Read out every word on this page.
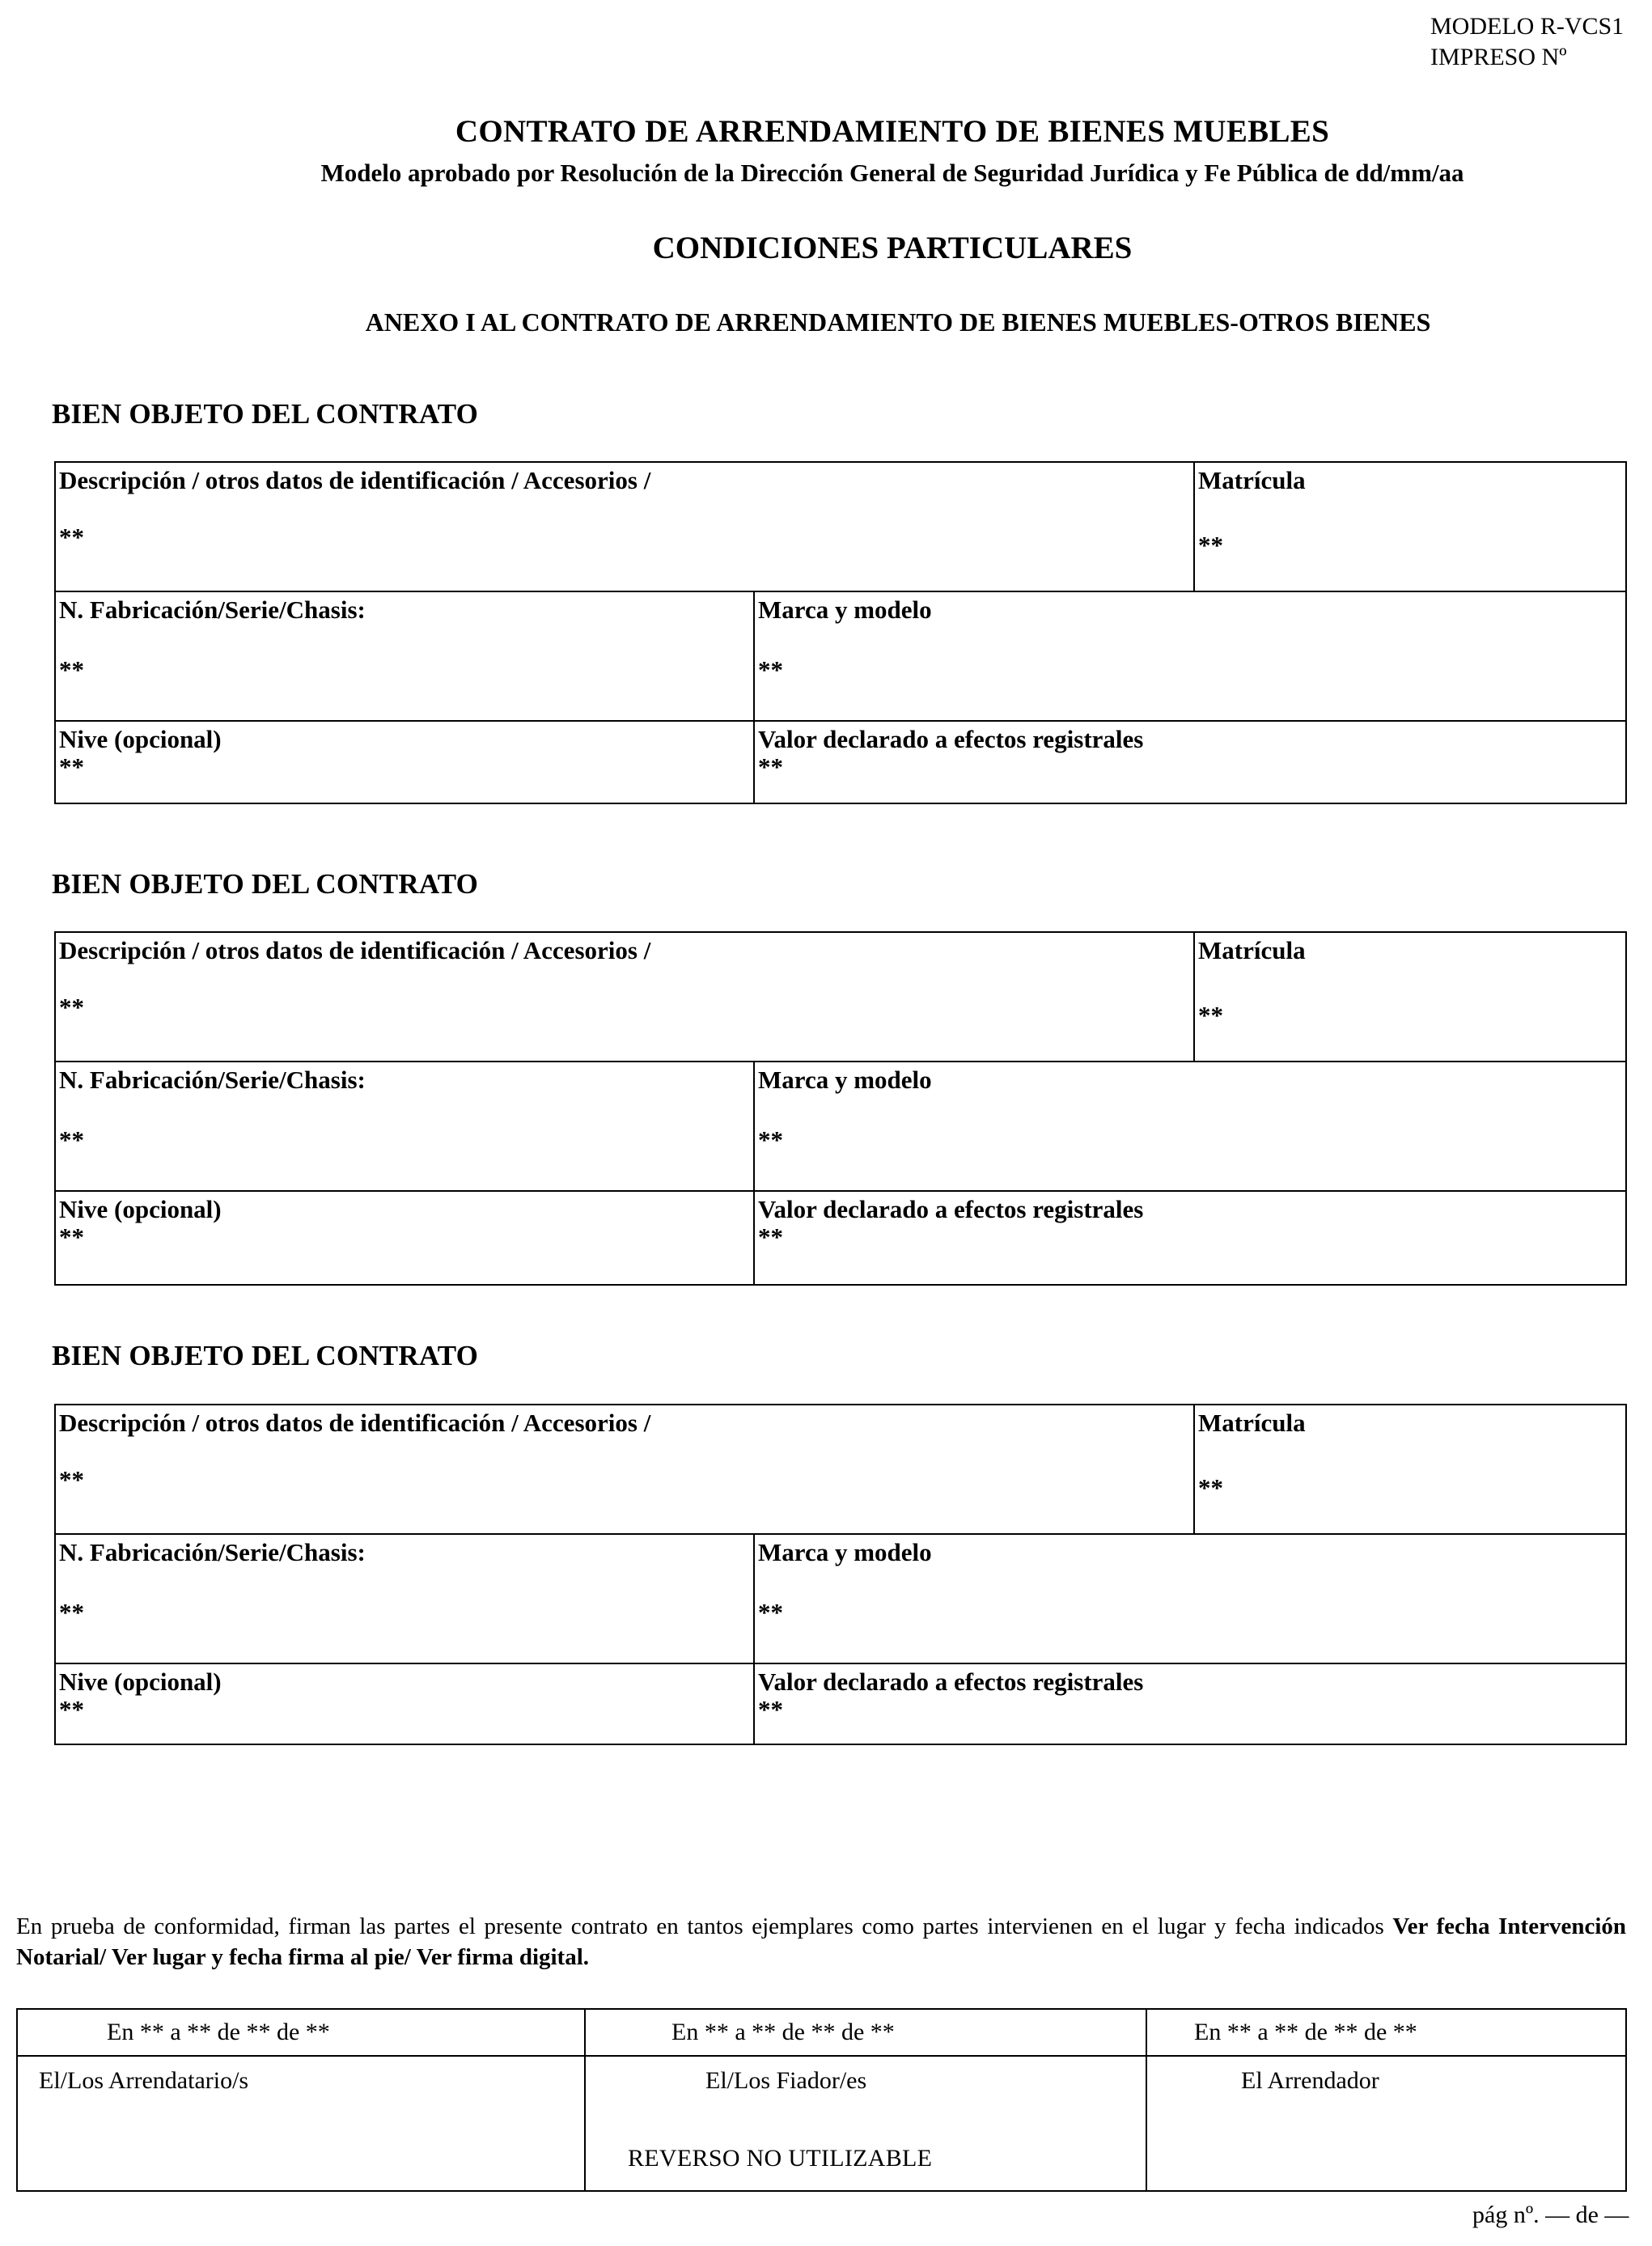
MODELO R-VCS1
IMPRESO Nº
CONTRATO DE ARRENDAMIENTO DE BIENES MUEBLES
Modelo aprobado por Resolución de la Dirección General de Seguridad Jurídica y Fe Pública de dd/mm/aa
CONDICIONES PARTICULARES
ANEXO I AL CONTRATO DE ARRENDAMIENTO DE BIENES MUEBLES-OTROS BIENES
BIEN OBJETO DEL CONTRATO
Descripción / otros datos de identificación / Accesorios /
**
Matrícula
**
N. Fabricación/Serie/Chasis:
**
Marca y modelo
**
Nive (opcional)
**
Valor declarado a efectos registrales
**
BIEN OBJETO DEL CONTRATO
Descripción / otros datos de identificación / Accesorios /
**
Matrícula
**
N. Fabricación/Serie/Chasis:
**
Marca y modelo
**
Nive (opcional)
**
Valor declarado a efectos registrales
**
BIEN OBJETO DEL CONTRATO
Descripción / otros datos de identificación / Accesorios /
**
Matrícula
**
N. Fabricación/Serie/Chasis:
**
Marca y modelo
**
Nive (opcional)
**
Valor declarado a efectos registrales
**
En prueba de conformidad, firman las partes el presente contrato en tantos ejemplares como partes intervienen en el lugar y fecha indicados Ver fecha Intervención Notarial/ Ver lugar y fecha firma al pie/ Ver firma digital.
En ** a ** de ** de **
El/Los Arrendatario/s
En ** a ** de ** de **
El/Los Fiador/es
REVERSO NO UTILIZABLE
En ** a ** de ** de **
El Arrendador
pág nº. — de —
